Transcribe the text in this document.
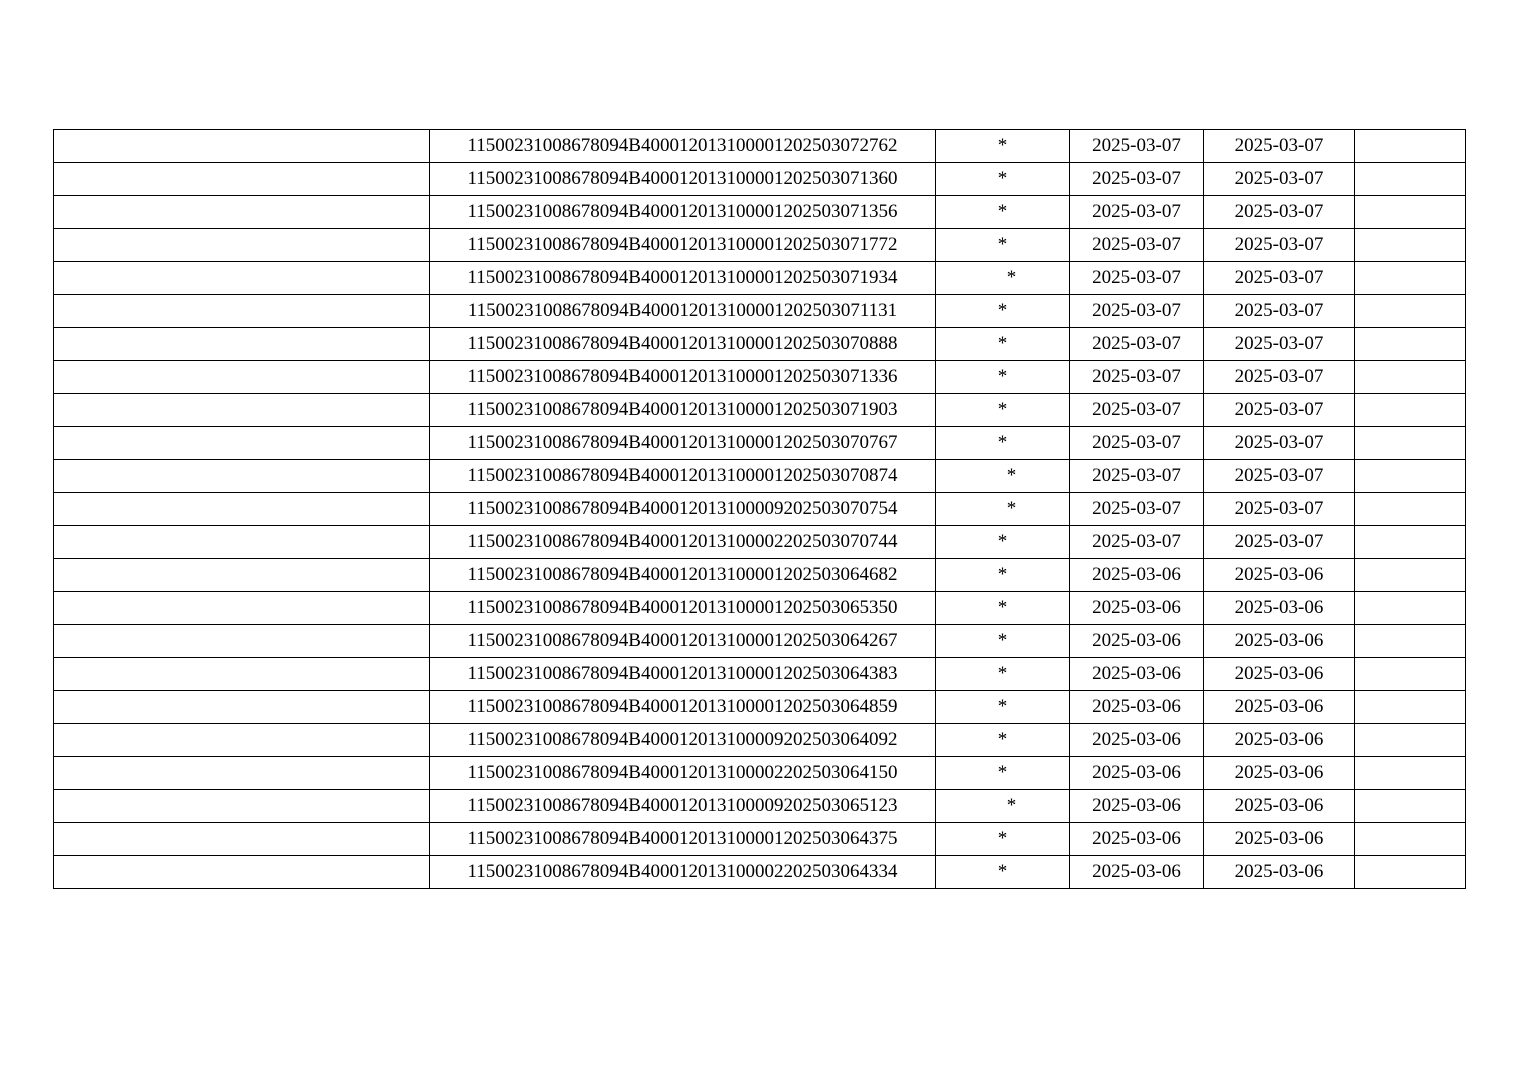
	11500231008678094B400012013100001202503072762	*	2025-03-07	2025-03-07	
	11500231008678094B400012013100001202503071360	*	2025-03-07	2025-03-07	
	11500231008678094B400012013100001202503071356	*	2025-03-07	2025-03-07	
	11500231008678094B400012013100001202503071772	*	2025-03-07	2025-03-07	
	11500231008678094B400012013100001202503071934	*	2025-03-07	2025-03-07	
	11500231008678094B400012013100001202503071131	*	2025-03-07	2025-03-07	
	11500231008678094B400012013100001202503070888	*	2025-03-07	2025-03-07	
	11500231008678094B400012013100001202503071336	*	2025-03-07	2025-03-07	
	11500231008678094B400012013100001202503071903	*	2025-03-07	2025-03-07	
	11500231008678094B400012013100001202503070767	*	2025-03-07	2025-03-07	
	11500231008678094B400012013100001202503070874	*	2025-03-07	2025-03-07	
	11500231008678094B400012013100009202503070754	*	2025-03-07	2025-03-07	
	11500231008678094B400012013100002202503070744	*	2025-03-07	2025-03-07	
	11500231008678094B400012013100001202503064682	*	2025-03-06	2025-03-06	
	11500231008678094B400012013100001202503065350	*	2025-03-06	2025-03-06	
	11500231008678094B400012013100001202503064267	*	2025-03-06	2025-03-06	
	11500231008678094B400012013100001202503064383	*	2025-03-06	2025-03-06	
	11500231008678094B400012013100001202503064859	*	2025-03-06	2025-03-06	
	11500231008678094B400012013100009202503064092	*	2025-03-06	2025-03-06	
	11500231008678094B400012013100002202503064150	*	2025-03-06	2025-03-06	
	11500231008678094B400012013100009202503065123	*	2025-03-06	2025-03-06	
	11500231008678094B400012013100001202503064375	*	2025-03-06	2025-03-06	
	11500231008678094B400012013100002202503064334	*	2025-03-06	2025-03-06	
